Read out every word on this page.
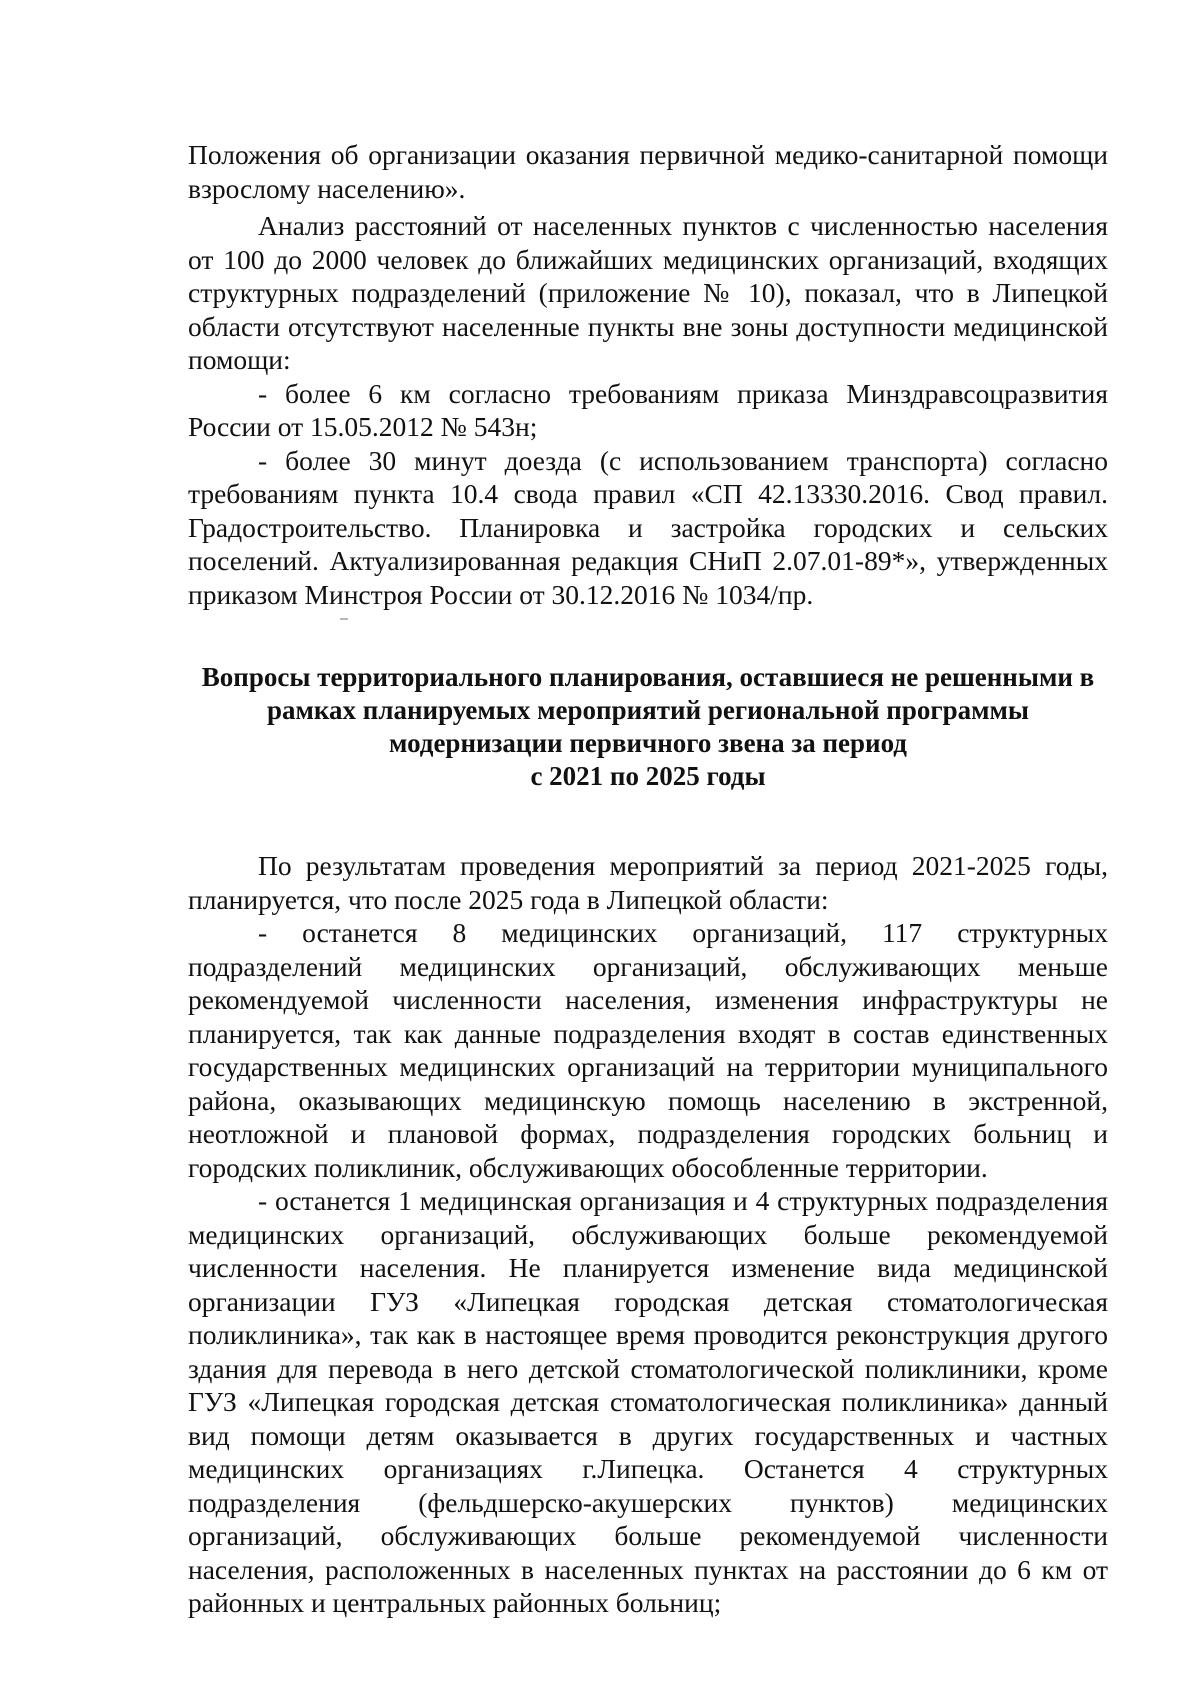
Положения об организации оказания первичной медико-санитарной помощи взрослому населению».

Анализ расстояний от населенных пунктов с численностью населения от 100 до 2000 человек до ближайших медицинских организаций, входящих структурных подразделений (приложение № 10), показал, что в Липецкой области отсутствуют населенные пункты вне зоны доступности медицинской помощи:

- более 6 км согласно требованиям приказа Минздравсоцразвития России от 15.05.2012 № 543н;

- более 30 минут доезда (с использованием транспорта) согласно требованиям пункта 10.4 свода правил «СП 42.13330.2016. Свод правил. Градостроительство. Планировка и застройка городских и сельских поселений. Актуализированная редакция СНиП 2.07.01-89*», утвержденных приказом Минстроя России от 30.12.2016 № 1034/пр.

Вопросы территориального планирования, оставшиеся не решенными в
рамках планируемых мероприятий региональной программы
модернизации первичного звена за период
с 2021 по 2025 годы

По результатам проведения мероприятий за период 2021-2025 годы, планируется, что после 2025 года в Липецкой области:

- останется 8 медицинских организаций, 117 структурных подразделений медицинских организаций, обслуживающих меньше рекомендуемой численности населения, изменения инфраструктуры не планируется, так как данные подразделения входят в состав единственных государственных медицинских организаций на территории муниципального района, оказывающих медицинскую помощь населению в экстренной, неотложной и плановой формах, подразделения городских больниц и городских поликлиник, обслуживающих обособленные территории.

- останется 1 медицинская организация и 4 структурных подразделения медицинских организаций, обслуживающих больше рекомендуемой численности населения. Не планируется изменение вида медицинской организации ГУЗ «Липецкая городская детская стоматологическая поликлиника», так как в настоящее время проводится реконструкция другого здания для перевода в него детской стоматологической поликлиники, кроме ГУЗ «Липецкая городская детская стоматологическая поликлиника» данный вид помощи детям оказывается в других государственных и частных медицинских организациях г.Липецка. Останется 4 структурных подразделения (фельдшерско-акушерских пунктов) медицинских организаций, обслуживающих больше рекомендуемой численности населения, расположенных в населенных пунктах на расстоянии до 6 км от районных и центральных районных больниц;
